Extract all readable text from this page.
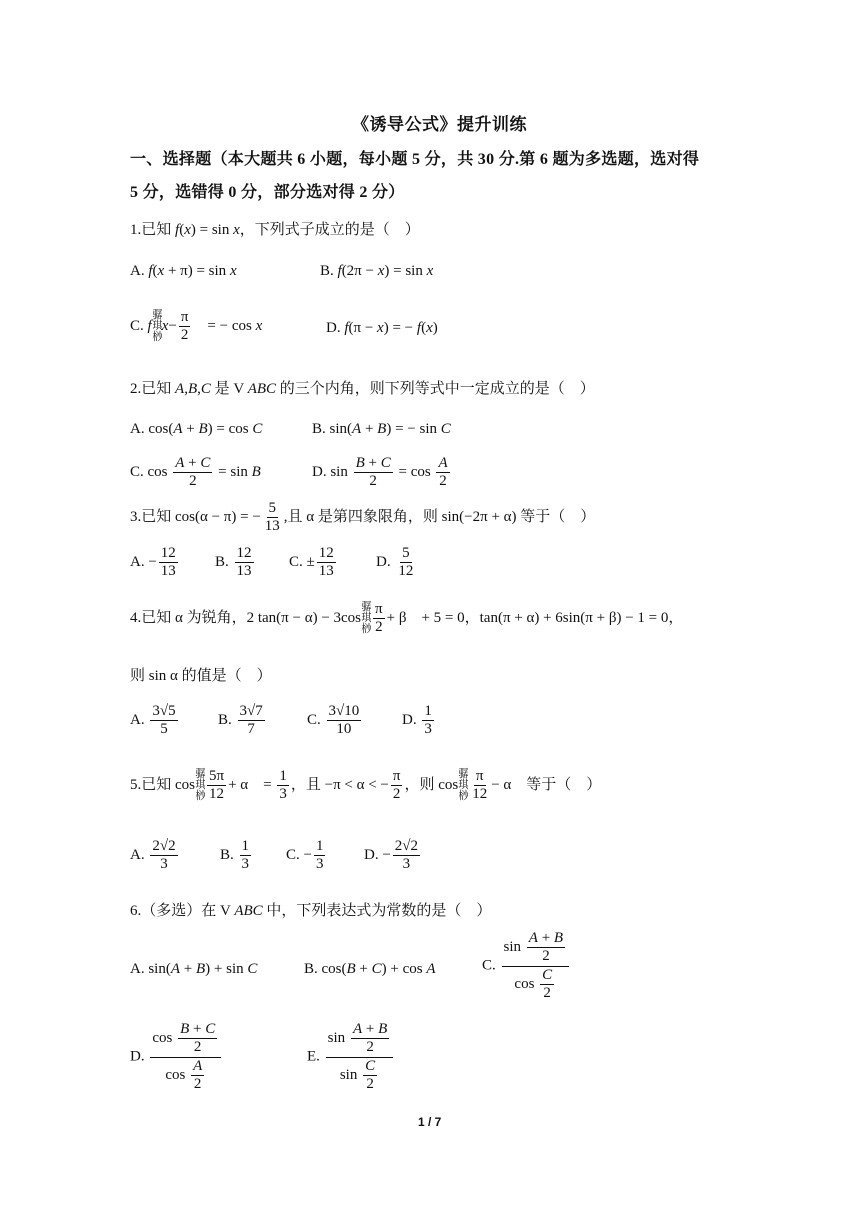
《诱导公式》提升训练
一、选择题（本大题共 6 小题，每小题 5 分，共 30 分.第 6 题为多选题，选对得
5 分，选错得 0 分，部分选对得 2 分）
1.已知 f(x) = sin x，下列式子成立的是（　）
A. f(x + π) = sin x	B. f(2π − x) = sin x
C. f骣琪桫$x- \frac{\pi}{2}$ 　= − cos x	D. f(π − x) = − f(x)
2.已知 A,B,C 是 V ABC 的三个内角，则下列等式中一定成立的是（　）
A. cos(A + B) = cos C	B. sin(A + B) = − sin C
C. $\cos \frac{A + C}{2} = \sin B$	D. $\sin \frac{B + C}{2} = \cos \frac{A}{2}$
3.已知 cos(α − π) = − $\frac{5}{13}$ ,且 α 是第四象限角，则 sin(−2π + α) 等于（　）
A. − $\frac{12}{13} B$. $\frac{12}{13} C$. ± $\frac{12}{13}$	D. $\frac{5}{12}$
4.已知 α 为锐角，2 tan(π − α) − 3cos骣琪桫 $\frac{\pi}{2} + \beta$　+ 5 = 0，tan(π + α) + 6sin(π + β) − 1 = 0，
则 sin α 的值是（　）
A. $\frac{3√5}{5}$	B. $\frac{3√7}{7}$	C. $\frac{3√10}{10}$	D. $\frac{1}{3}$
5.已知 cos骣琪桫 $\frac{5\pi}{12} + \alpha$　= $\frac{1}{3}$ ，且 −π < α < − $\frac{\pi}{2}$ ，则 cos骣琪桫 $\frac{\pi}{12} - \alpha$　等于（　）
A. $\frac{2√2}{3}$	B. $\frac{1}{3} C$. − $\frac{1}{3}$	D. − $\frac{2√2}{3}$
6.（多选）在 V ABC 中，下列表达式为常数的是（　）
A. sin(A + B) + sin C	B. cos(B + C) + cos A	C. $\frac{\sin \frac{A + B}{2}}{\cos \frac{C}{2}}$
D. $\frac{\cos \frac{B + C}{2}}{\cos \frac{A}{2}}$	E. $\frac{\sin \frac{A + B}{2}}{\sin \frac{C}{2}}$
1 / 7
